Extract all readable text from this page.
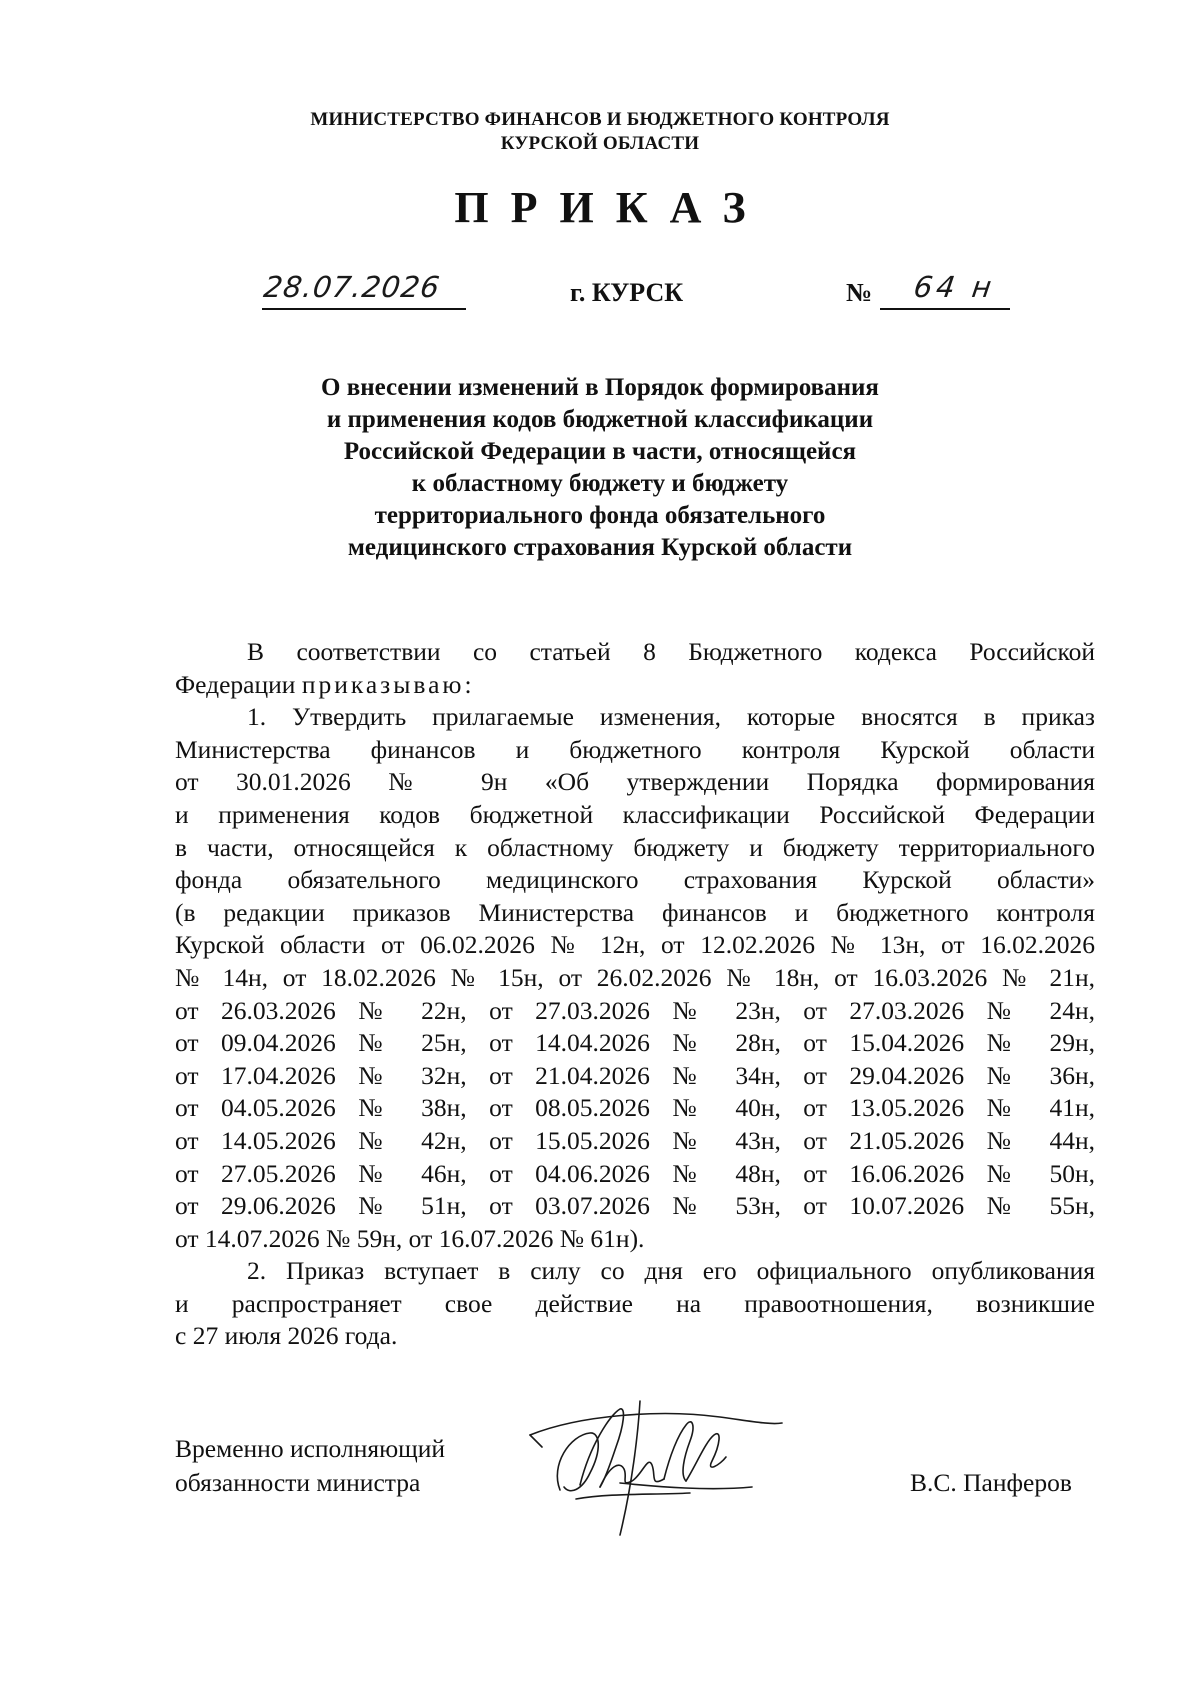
МИНИСТЕРСТВО ФИНАНСОВ И БЮДЖЕТНОГО КОНТРОЛЯ
КУРСКОЙ ОБЛАСТИ
ПРИКАЗ
28.07.2026	г. КУРСК	№ 64 н
О внесении изменений в Порядок формирования
и применения кодов бюджетной классификации
Российской Федерации в части, относящейся
к областному бюджету и бюджету
территориального фонда обязательного
медицинского страхования Курской области
В соответствии со статьей 8 Бюджетного кодекса Российской
Федерации приказываю:
1. Утвердить прилагаемые изменения, которые вносятся в приказ
Министерства финансов и бюджетного контроля Курской области
от 30.01.2026 № 9н «Об утверждении Порядка формирования
и применения кодов бюджетной классификации Российской Федерации
в части, относящейся к областному бюджету и бюджету территориального
фонда обязательного медицинского страхования Курской области»
(в редакции приказов Министерства финансов и бюджетного контроля
Курской области от 06.02.2026 № 12н, от 12.02.2026 № 13н, от 16.02.2026
№ 14н, от 18.02.2026 № 15н, от 26.02.2026 № 18н, от 16.03.2026 № 21н,
от 26.03.2026 № 22н, от 27.03.2026 № 23н, от 27.03.2026 № 24н,
от 09.04.2026 № 25н, от 14.04.2026 № 28н, от 15.04.2026 № 29н,
от 17.04.2026 № 32н, от 21.04.2026 № 34н, от 29.04.2026 № 36н,
от 04.05.2026 № 38н, от 08.05.2026 № 40н, от 13.05.2026 № 41н,
от 14.05.2026 № 42н, от 15.05.2026 № 43н, от 21.05.2026 № 44н,
от 27.05.2026 № 46н, от 04.06.2026 № 48н, от 16.06.2026 № 50н,
от 29.06.2026 № 51н, от 03.07.2026 № 53н, от 10.07.2026 № 55н,
от 14.07.2026 № 59н, от 16.07.2026 № 61н).
2. Приказ вступает в силу со дня его официального опубликования
и распространяет свое действие на правоотношения, возникшие
с 27 июля 2026 года.
Временно исполняющий
обязанности министра	В.С. Панферов
